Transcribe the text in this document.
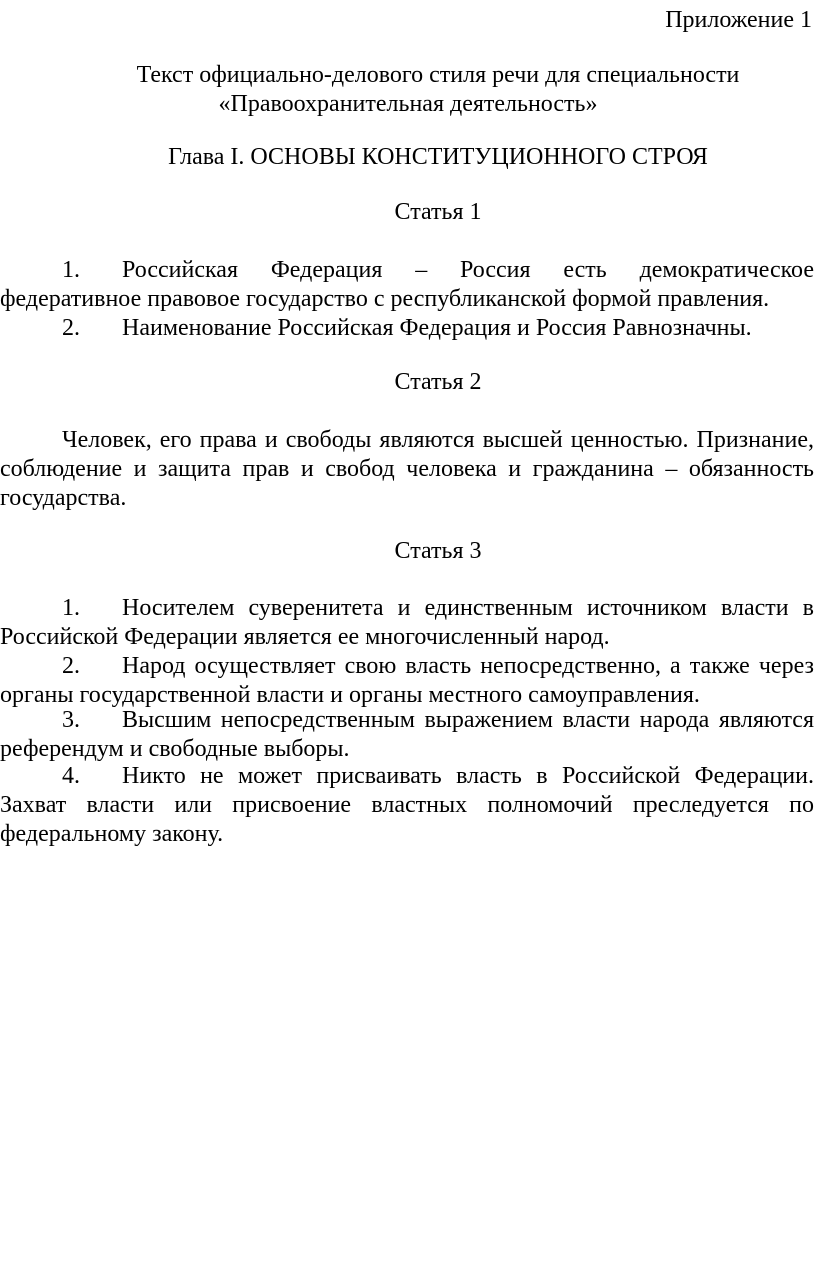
Приложение 1

Текст официально-делового стиля речи для специальности
«Правоохранительная деятельность»
Глава I. ОСНОВЫ КОНСТИТУЦИОННОГО СТРОЯ
Статья 1

1. Российская Федерация – Россия есть демократическое федеративное правовое государство с республиканской формой правления.

2. Наименование Российская Федерация и Россия Равнозначны.

Статья 2

Человек, его права и свободы являются высшей ценностью. Признание, соблюдение и защита прав и свобод человека и гражданина – обязанность государства.

Статья 3

1. Носителем суверенитета и единственным источником власти в Российской Федерации является ее многочисленный народ.

2. Народ осуществляет свою власть непосредственно, а также через органы государственной власти и органы местного самоуправления.

3. Высшим непосредственным выражением власти народа являются референдум и свободные выборы.

4. Никто не может присваивать власть в Российской Федерации. Захват власти или присвоение властных полномочий преследуется по федеральному закону.
